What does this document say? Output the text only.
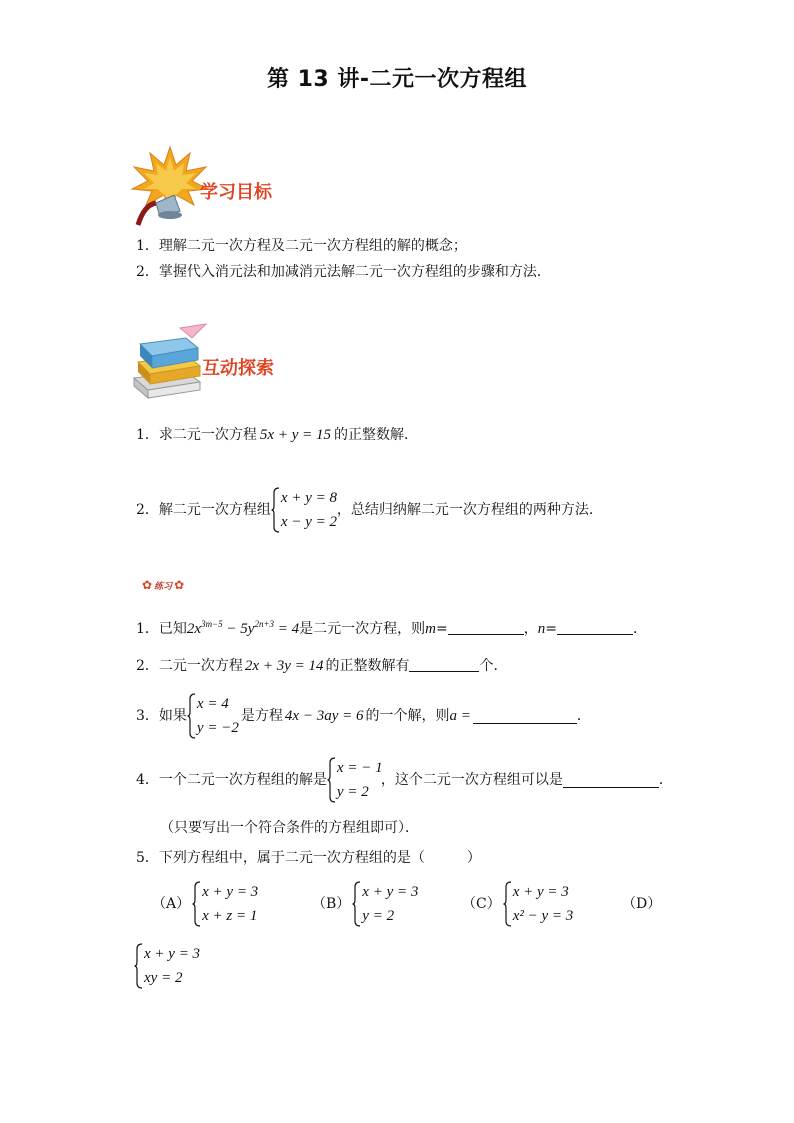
第 13 讲-二元一次方程组
学习目标
1．理解二元一次方程及二元一次方程组的解的概念；
2．掌握代入消元法和加减消元法解二元一次方程组的步骤和方法．
互动探索
1．求二元一次方程 5x + y = 15 的正整数解．
2．解二元一次方程组
x + y = 8
x − y = 2
，总结归纳解二元一次方程组的两种方法．
✿ 练习 ✿
1．已知$2x^{3m-5} - 5y^{2n+3} = 4$是二元一次方程，则m=	，n=	．
2．二元一次方程 2x + 3y = 14 的正整数解有	个．
3．如果
x = 4
y = −2
是方程 4x − 3ay = 6 的一个解，则a =	．
4．一个二元一次方程组的解是
x = − 1
y = 2
，这个二元一次方程组可以是	．
（只要写出一个符合条件的方程组即可）．
5．下列方程组中，属于二元一次方程组的是（　　　）
（A）
x + y = 3
x + z = 1
（B）
x + y = 3
y = 2
（C）
x + y = 3
x² − y = 3
（D）
x + y = 3
xy = 2
